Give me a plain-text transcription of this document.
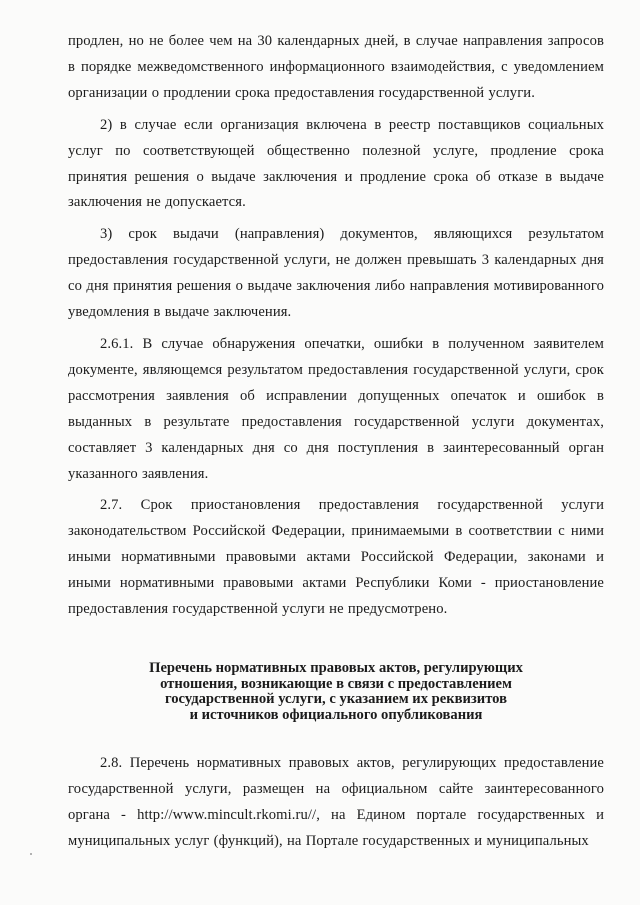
продлен, но не более чем на 30 календарных дней, в случае направления запросов в порядке межведомственного информационного взаимодействия, с уведомлением организации о продлении срока предоставления государственной услуги.

2) в случае если организация включена в реестр поставщиков социальных услуг по соответствующей общественно полезной услуге, продление срока принятия решения о выдаче заключения и продление срока об отказе в выдаче заключения не допускается.

3) срок выдачи (направления) документов, являющихся результатом предоставления государственной услуги, не должен превышать 3 календарных дня со дня принятия решения о выдаче заключения либо направления мотивированного уведомления в выдаче заключения.

2.6.1. В случае обнаружения опечатки, ошибки в полученном заявителем документе, являющемся результатом предоставления государственной услуги, срок рассмотрения заявления об исправлении допущенных опечаток и ошибок в выданных в результате предоставления государственной услуги документах, составляет 3 календарных дня со дня поступления в заинтересованный орган указанного заявления.

2.7. Срок приостановления предоставления государственной услуги законодательством Российской Федерации, принимаемыми в соответствии с ними иными нормативными правовыми актами Российской Федерации, законами и иными нормативными правовыми актами Республики Коми - приостановление предоставления государственной услуги не предусмотрено.

Перечень нормативных правовых актов, регулирующих
отношения, возникающие в связи с предоставлением
государственной услуги, с указанием их реквизитов
и источников официального опубликования

2.8. Перечень нормативных правовых актов, регулирующих предоставление государственной услуги, размещен на официальном сайте заинтересованного органа - http://www.mincult.rkomi.ru//, на Едином портале государственных и муниципальных услуг (функций), на Портале государственных и муниципальных
